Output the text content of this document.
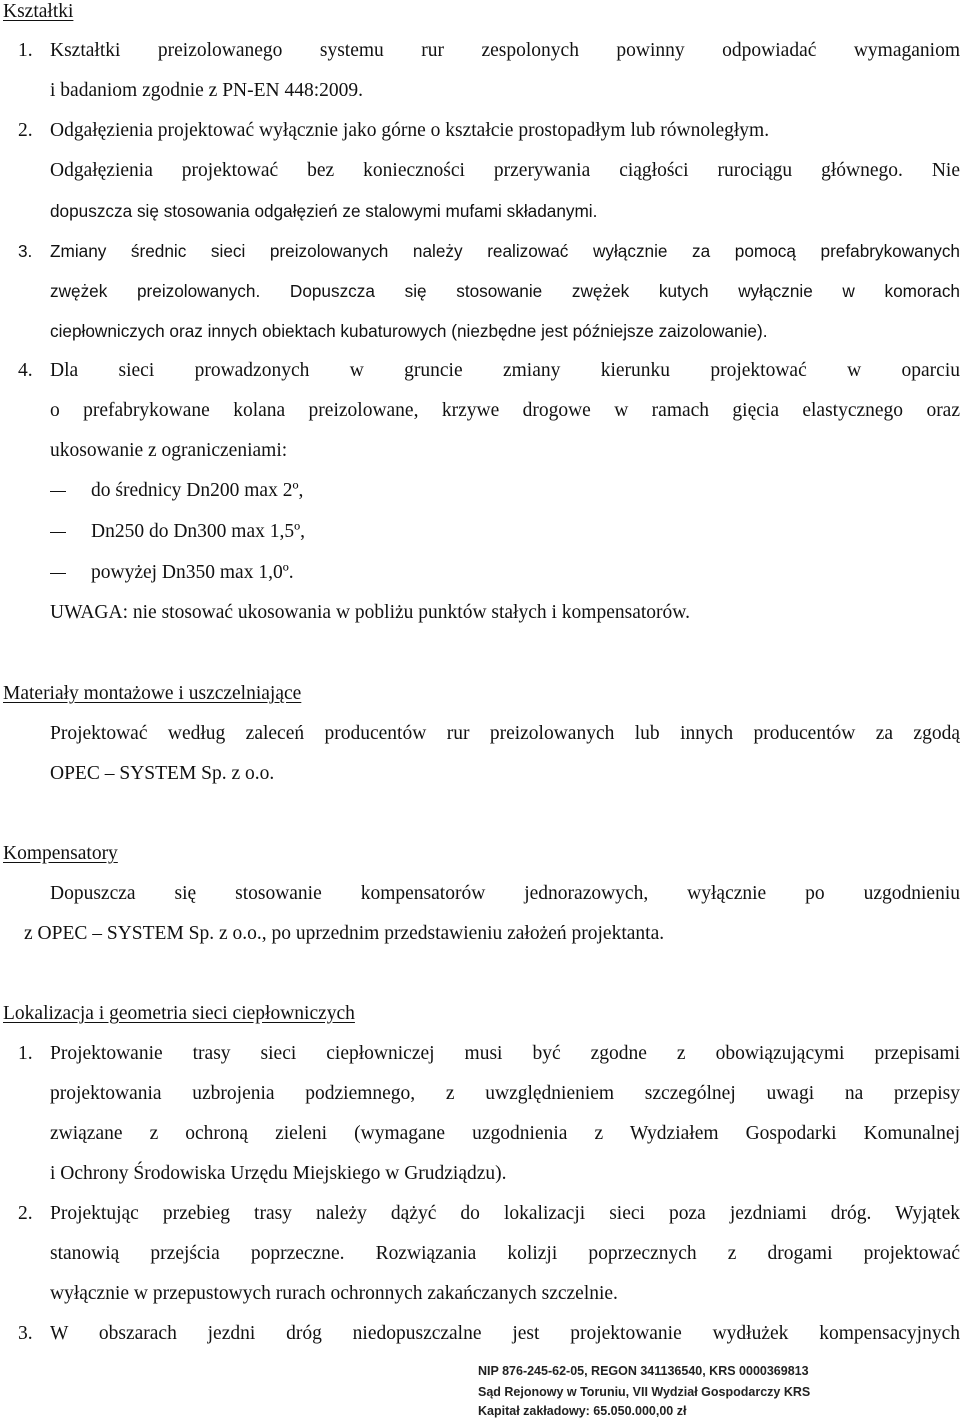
Kształtki
1. Kształtki preizolowanego systemu rur zespolonych powinny odpowiadać wymaganiom
i badaniom zgodnie z PN-EN 448:2009.
2. Odgałęzienia projektować wyłącznie jako górne o kształcie prostopadłym lub równoległym.
Odgałęzienia projektować bez konieczności przerywania ciągłości rurociągu głównego. Nie
dopuszcza się stosowania odgałęzień ze stalowymi mufami składanymi.
3. Zmiany średnic sieci preizolowanych należy realizować wyłącznie za pomocą prefabrykowanych
zwężek preizolowanych. Dopuszcza się stosowanie zwężek kutych wyłącznie w komorach
ciepłowniczych oraz innych obiektach kubaturowych (niezbędne jest późniejsze zaizolowanie).
4. Dla sieci prowadzonych w gruncie zmiany kierunku projektować w oparciu
o prefabrykowane kolana preizolowane, krzywe drogowe w ramach gięcia elastycznego oraz
ukosowanie z ograniczeniami:
do średnicy Dn200 max 2º,
Dn250 do Dn300 max 1,5º,
powyżej Dn350 max 1,0º.
UWAGA: nie stosować ukosowania w pobliżu punktów stałych i kompensatorów.
Materiały montażowe i uszczelniające
Projektować według zaleceń producentów rur preizolowanych lub innych producentów za zgodą
OPEC – SYSTEM Sp. z o.o.
Kompensatory
Dopuszcza się stosowanie kompensatorów jednorazowych, wyłącznie po uzgodnieniu
z OPEC – SYSTEM Sp. z o.o., po uprzednim przedstawieniu założeń projektanta.
Lokalizacja i geometria sieci ciepłowniczych
1. Projektowanie trasy sieci ciepłowniczej musi być zgodne z obowiązującymi przepisami
projektowania uzbrojenia podziemnego, z uwzględnieniem szczególnej uwagi na przepisy
związane z ochroną zieleni (wymagane uzgodnienia z Wydziałem Gospodarki Komunalnej
i Ochrony Środowiska Urzędu Miejskiego w Grudziądzu).
2. Projektując przebieg trasy należy dążyć do lokalizacji sieci poza jezdniami dróg. Wyjątek
stanowią przejścia poprzeczne. Rozwiązania kolizji poprzecznych z drogami projektować
wyłącznie w przepustowych rurach ochronnych zakańczanych szczelnie.
3. W obszarach jezdni dróg niedopuszczalne jest projektowanie wydłużek kompensacyjnych
NIP 876-245-62-05, REGON 341136540, KRS 0000369813
Sąd Rejonowy w Toruniu, VII Wydział Gospodarczy KRS
Kapitał zakładowy: 65.050.000,00 zł
